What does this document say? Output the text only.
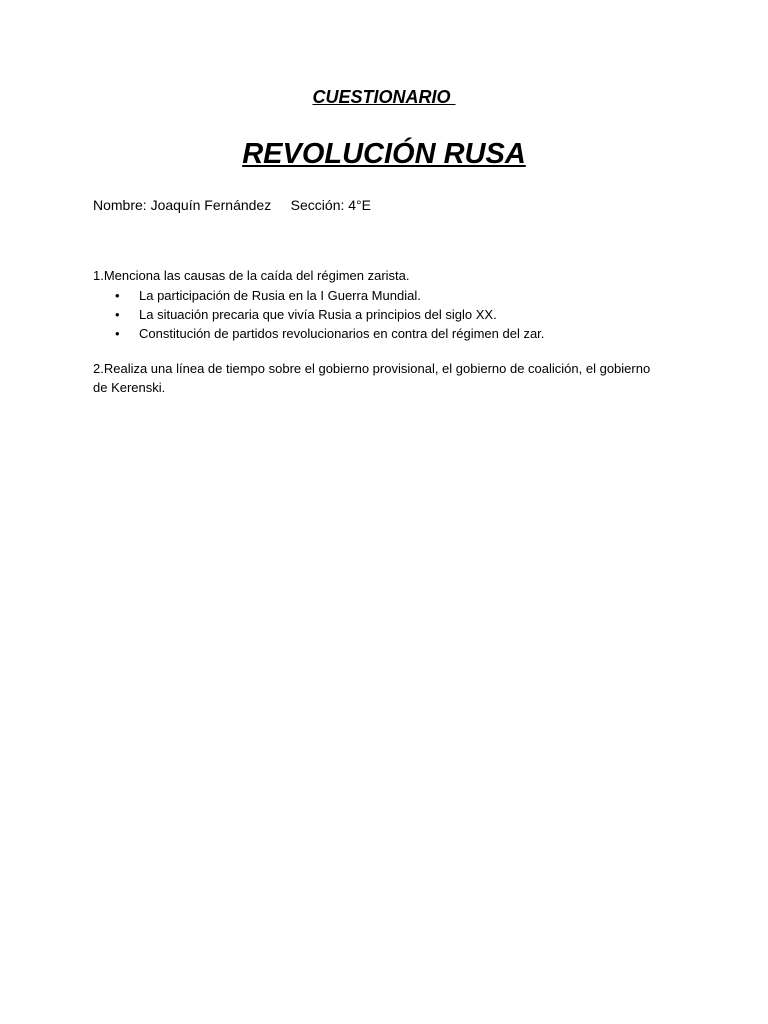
CUESTIONARIO
REVOLUCIÓN RUSA
Nombre: Joaquín Fernández Sección: 4°E
1.Menciona las causas de la caída del régimen zarista.
• La participación de Rusia en la I Guerra Mundial.
• La situación precaria que vivía Rusia a principios del siglo XX.
• Constitución de partidos revolucionarios en contra del régimen del zar.
2.Realiza una línea de tiempo sobre el gobierno provisional, el gobierno de coalición, el gobierno de Kerenski.
